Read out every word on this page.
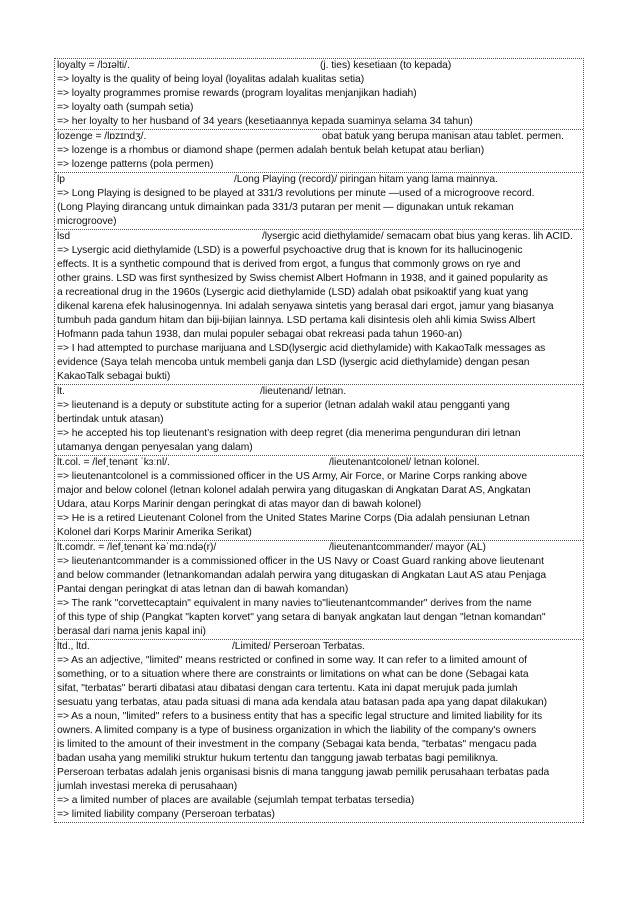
loyalty = /lɔɪəlti/.	(j. ties) kesetiaan (to kepada)
=> loyalty is the quality of being loyal (loyalitas adalah kualitas setia)
=> loyalty programmes promise rewards (program loyalitas menjanjikan hadiah)
=> loyalty oath (sumpah setia)
=> her loyalty to her husband of 34 years (kesetiaannya kepada suaminya selama 34 tahun)
lozenge = /lɒzɪndʒ/.	obat batuk yang berupa manisan atau tablet. permen.
=> lozenge is a rhombus or diamond shape (permen adalah bentuk belah ketupat atau berlian)
=> lozenge patterns (pola permen)
lp	/Long Playing (record)/ piringan hitam yang lama mainnya.
=> Long Playing is designed to be played at 331/3 revolutions per minute —used of a microgroove record.
(Long Playing dirancang untuk dimainkan pada 331/3 putaran per menit — digunakan untuk rekaman
microgroove)
lsd	/lysergic acid diethylamide/ semacam obat bius yang keras. lih ACID.
=> Lysergic acid diethylamide (LSD) is a powerful psychoactive drug that is known for its hallucinogenic
effects. It is a synthetic compound that is derived from ergot, a fungus that commonly grows on rye and
other grains. LSD was first synthesized by Swiss chemist Albert Hofmann in 1938, and it gained popularity as
a recreational drug in the 1960s (Lysergic acid diethylamide (LSD) adalah obat psikoaktif yang kuat yang
dikenal karena efek halusinogennya. Ini adalah senyawa sintetis yang berasal dari ergot, jamur yang biasanya
tumbuh pada gandum hitam dan biji-bijian lainnya. LSD pertama kali disintesis oleh ahli kimia Swiss Albert
Hofmann pada tahun 1938, dan mulai populer sebagai obat rekreasi pada tahun 1960-an)
=> I had attempted to purchase marijuana and LSD(lysergic acid diethylamide) with KakaoTalk messages as
evidence (Saya telah mencoba untuk membeli ganja dan LSD (lysergic acid diethylamide) dengan pesan
KakaoTalk sebagai bukti)
lt.	/lieutenand/ letnan.
=> lieutenand is a deputy or substitute acting for a superior (letnan adalah wakil atau pengganti yang
bertindak untuk atasan)
=> he accepted his top lieutenant’s resignation with deep regret (dia menerima pengunduran diri letnan
utamanya dengan penyesalan yang dalam)
lt.col. = /lef͵tenənt ˈkɜːnl/.	/lieutenantcolonel/ letnan kolonel.
=> lieutenantcolonel is a commissioned officer in the US Army, Air Force, or Marine Corps ranking above
major and below colonel (letnan kolonel adalah perwira yang ditugaskan di Angkatan Darat AS, Angkatan
Udara, atau Korps Marinir dengan peringkat di atas mayor dan di bawah kolonel)
=> He is a retired Lieutenant Colonel from the United States Marine Corps (Dia adalah pensiunan Letnan
Kolonel dari Korps Marinir Amerika Serikat)
lt.comdr. = /lef͵tenənt kəˈmɑːndə(r)/	/lieutenantcommander/ mayor (AL)
=> lieutenantcommander is a commissioned officer in the US Navy or Coast Guard ranking above lieutenant
and below commander (letnankomandan adalah perwira yang ditugaskan di Angkatan Laut AS atau Penjaga
Pantai dengan peringkat di atas letnan dan di bawah komandan)
=> The rank "corvettecaptain" equivalent in many navies to"lieutenantcommander" derives from the name
of this type of ship (Pangkat "kapten korvet" yang setara di banyak angkatan laut dengan "letnan komandan"
berasal dari nama jenis kapal ini)
ltd., ltd.	/Limited/ Perseroan Terbatas.
=> As an adjective, "limited" means restricted or confined in some way. It can refer to a limited amount of
something, or to a situation where there are constraints or limitations on what can be done (Sebagai kata
sifat, "terbatas" berarti dibatasi atau dibatasi dengan cara tertentu. Kata ini dapat merujuk pada jumlah
sesuatu yang terbatas, atau pada situasi di mana ada kendala atau batasan pada apa yang dapat dilakukan)
=> As a noun, "limited" refers to a business entity that has a specific legal structure and limited liability for its
owners. A limited company is a type of business organization in which the liability of the company's owners
is limited to the amount of their investment in the company (Sebagai kata benda, "terbatas" mengacu pada
badan usaha yang memiliki struktur hukum tertentu dan tanggung jawab terbatas bagi pemiliknya.
Perseroan terbatas adalah jenis organisasi bisnis di mana tanggung jawab pemilik perusahaan terbatas pada
jumlah investasi mereka di perusahaan)
=> a limited number of places are available (sejumlah tempat terbatas tersedia)
=> limited liability company (Perseroan terbatas)
